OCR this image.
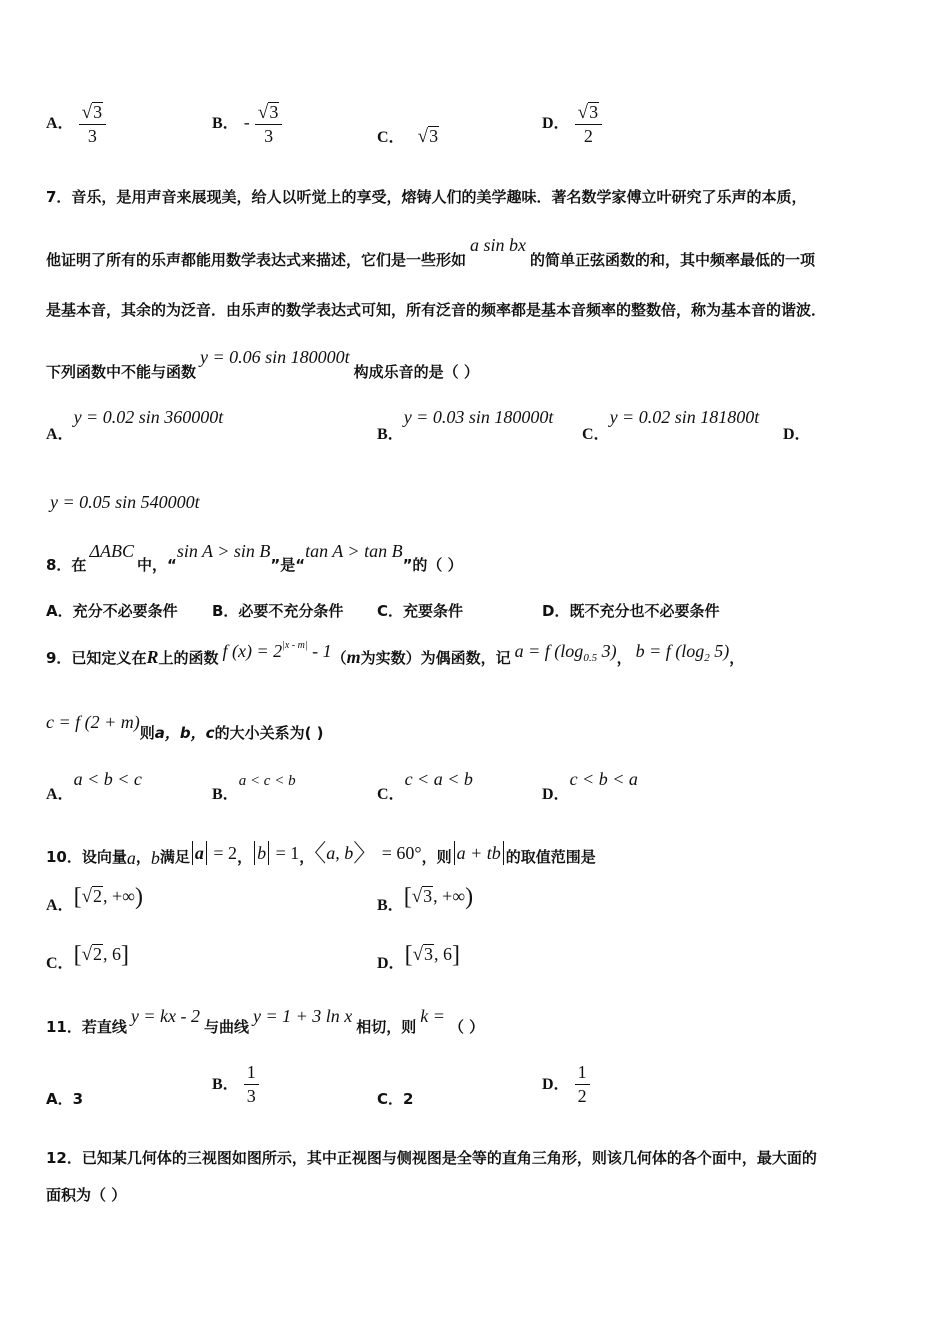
A． $\frac{√ 3}{3}$	B． - $\frac{√ 3}{3}$	C． √ 3
D． $\frac{√ 3}{2}$
7．音乐，是用声音来展现美，给人以听觉上的享受，熔铸人们的美学趣味．著名数学家傅立叶研究了乐声的本质，
他证明了所有的乐声都能用数学表达式来描述，它们是一些形如a sin bx的简单正弦函数的和，其中频率最低的一项
是基本音，其余的为泛音．由乐声的数学表达式可知，所有泛音的频率都是基本音频率的整数倍，称为基本音的谐波．
下列函数中不能与函数y = 0.06 sin 180000t构成乐音的是（ ）
A．y = 0.02 sin 360000t
B．y = 0.03 sin 180000t
C．y = 0.02 sin 181800t
D．
y = 0.05 sin 540000t
8．在ΔABC中，“sin A > sin B”是“tan A > tan B”的（ ）
A．充分不必要条件 B．必要不充分条件 C．充要条件	D．既不充分也不必要条件
9．已知定义在R上的函数 f $(x) = 2^{|x - m|} - 1(m$为实数）为偶函数，记 a = f ($\log_{0.5}$ 3)， b = f ($\log_2$ 5)，
c = f (2 + m)则a，b，c的大小关系为( )
A．a < b < c
B．a < c < b
C．c < a < b
D．c < b < a
10．设向量a，b满足 a = 2， b = 1，〈a, b〉 = 60°，则 a + tb 的取值范围是
A．[ √ 2 , +∞)	B．[ √ 3 , +∞)
C．[ √ 2 , 6]	D．[ √ 3 , 6]
11．若直线y = kx - 2与曲线y = 1 + 3 ln x相切，则k =（ ）
A．3
B． $\frac{1}{3}$	C．2
D． $\frac{1}{2}$
12．已知某几何体的三视图如图所示，其中正视图与侧视图是全等的直角三角形，则该几何体的各个面中，最大面的
面积为（ ）
